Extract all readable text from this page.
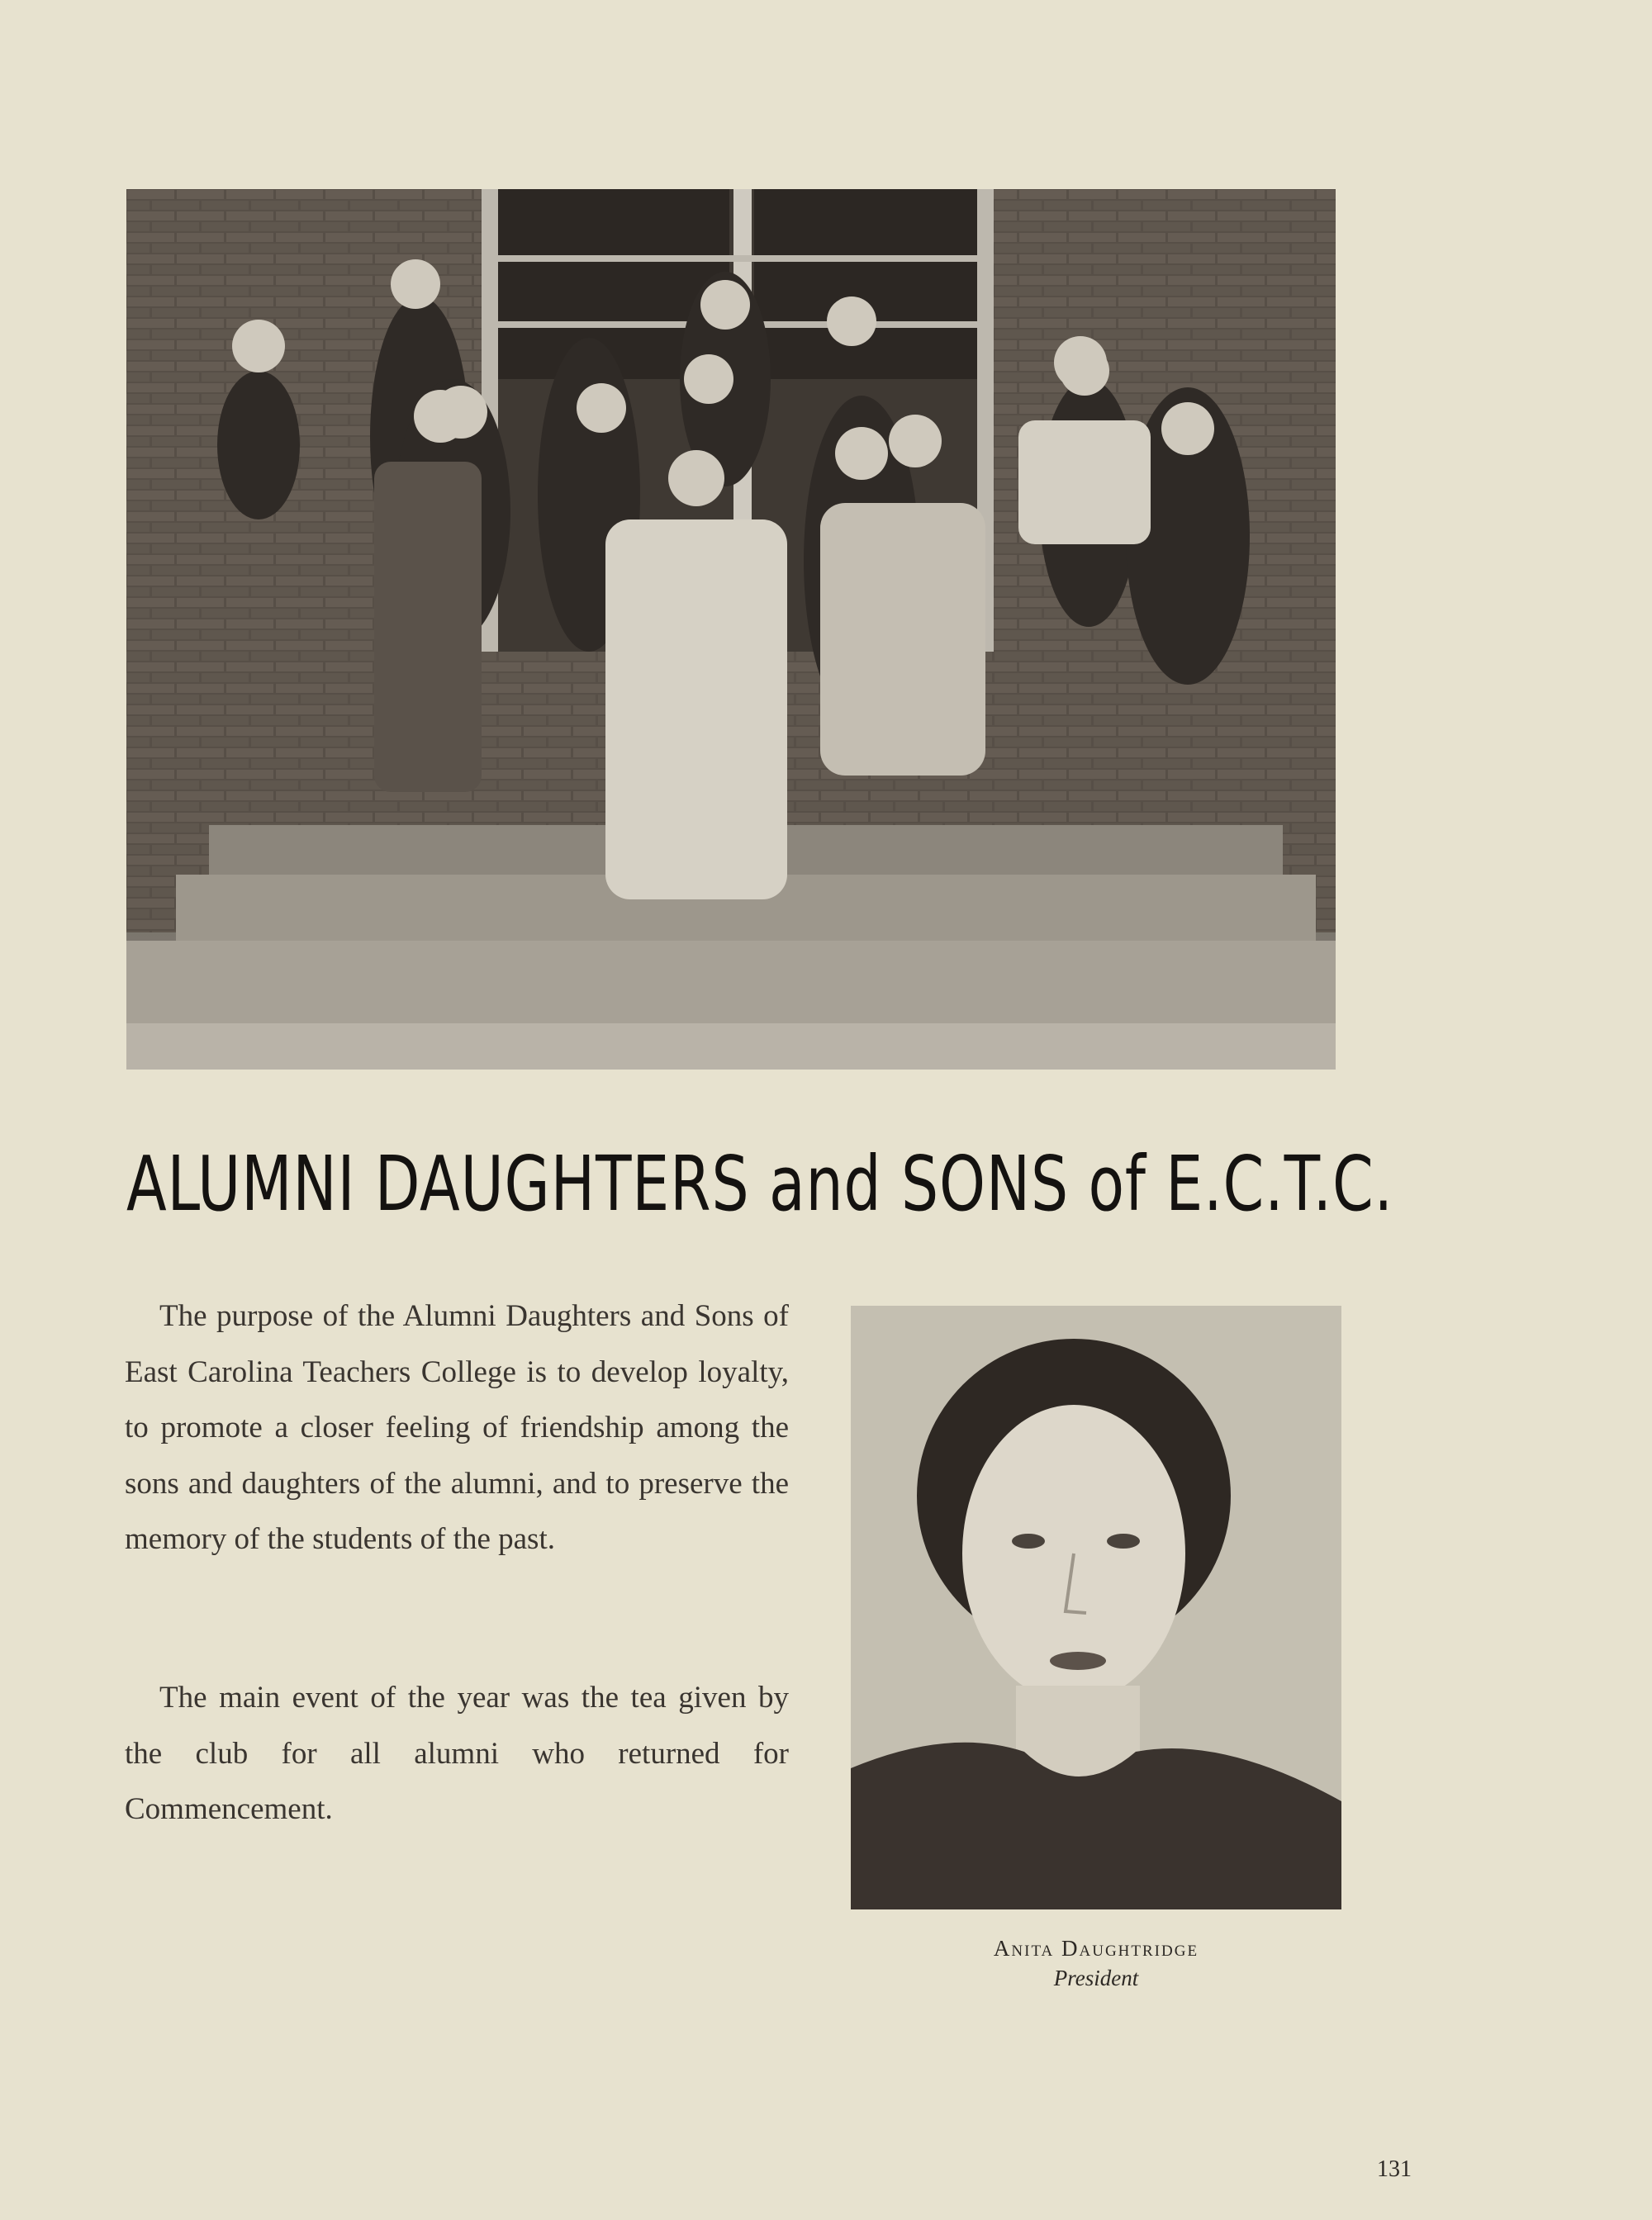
ALUMNI DAUGHTERS and SONS of E.C.T.C.

The purpose of the Alumni Daughters and Sons of East Carolina Teachers College is to develop loyalty, to promote a closer feeling of friendship among the sons and daughters of the alumni, and to preserve the memory of the students of the past.

The main event of the year was the tea given by the club for all alumni who returned for Commencement.

Anita Daughtridge
President
131
